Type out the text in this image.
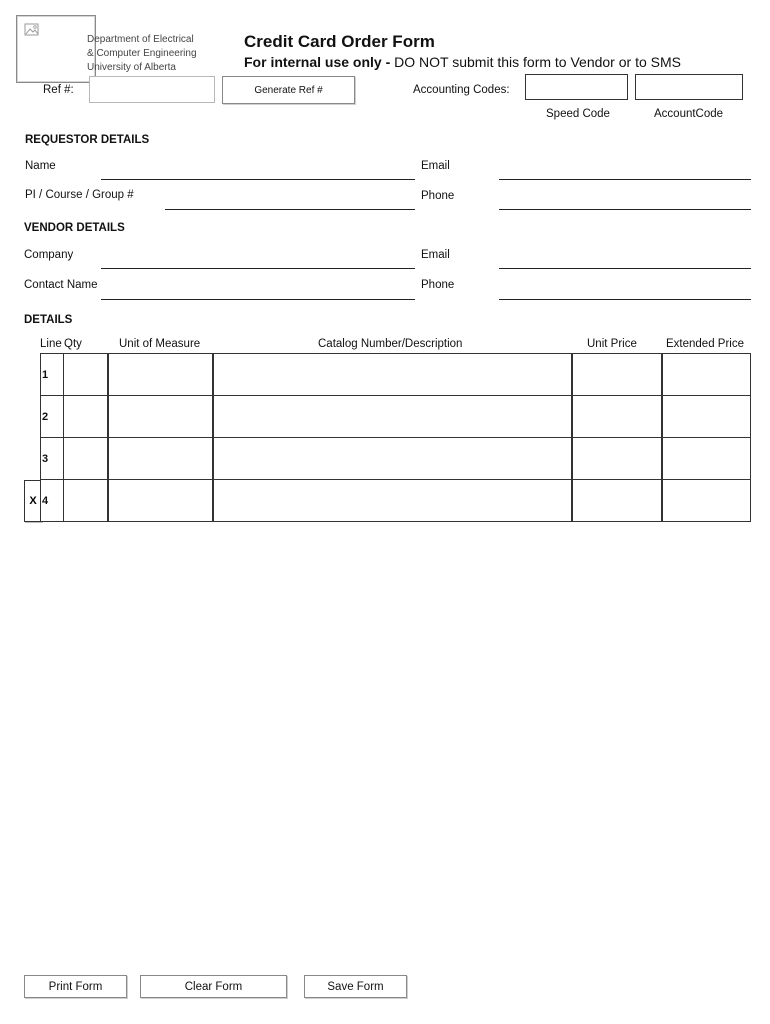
Department of Electrical
& Computer Engineering
University of Alberta
Credit Card Order Form
For internal use only - DO NOT submit this form to Vendor or to SMS
Ref #:	Generate Ref #	Accounting Codes:
Speed Code	AccountCode
REQUESTOR DETAILS
Name	Email
PI / Course / Group #	Phone
VENDOR DETAILS
Company	Email
Contact Name	Phone
DETAILS
Line Qty	Unit of Measure	Catalog Number/Description	Unit Price	Extended Price
1
2
3
X 4
Print Form	Clear Form	Save Form
